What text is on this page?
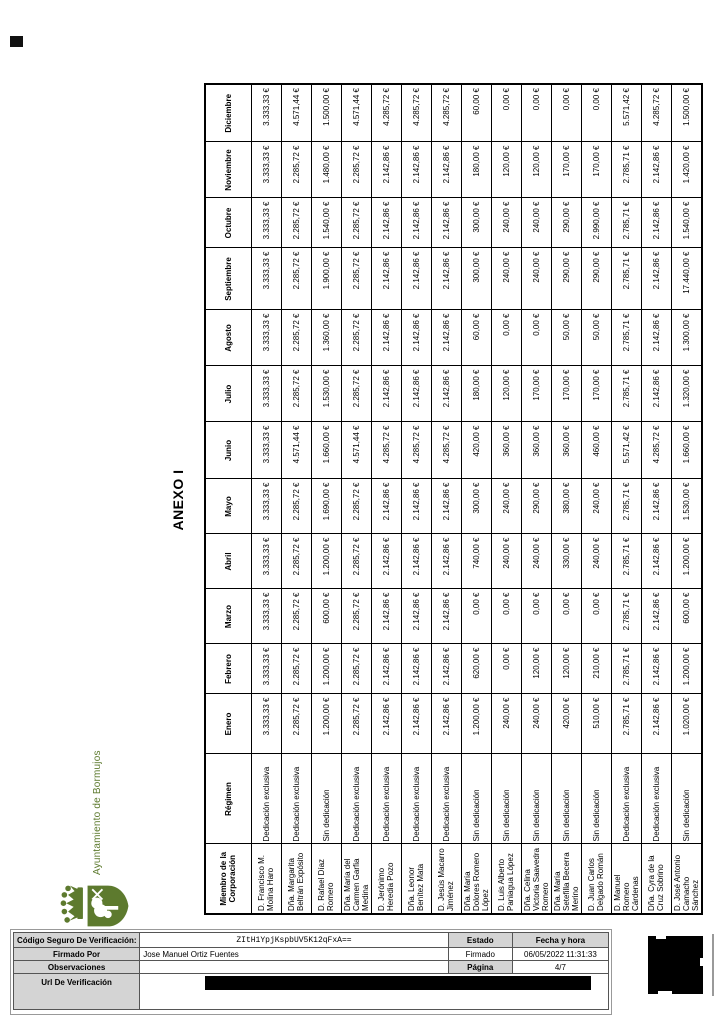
ANEXO I
Miembro de la Corporación	Régimen	Enero	Febrero	Marzo	Abril	Mayo	Junio	Julio	Agosto	Septiembre	Octubre	Noviembre	Diciembre
D. Francisco M. Molina Haro	Dedicación exclusiva	3.333,33 €	3.333,33 €	3.333,33 €	3.333,33 €	3.333,33 €	3.333,33 €	3.333,33 €	3.333,33 €	3.333,33 €	3.333,33 €	3.333,33 €	3.333,33 €
Dña. Margarita Beltrán Expósito	Dedicación exclusiva	2.285,72 €	2.285,72 €	2.285,72 €	2.285,72 €	2.285,72 €	4.571,44 €	2.285,72 €	2.285,72 €	2.285,72 €	2.285,72 €	2.285,72 €	4.571,44 €
D. Rafael Díaz Romero	Sin dedicación	1.200,00 €	1.200,00 €	600,00 €	1.200,00 €	1.690,00 €	1.660,00 €	1.530,00 €	1.360,00 €	1.900,00 €	1.540,00 €	1.480,00 €	1.500,00 €
Dña. María del Carmen Garfia Medina	Dedicación exclusiva	2.285,72 €	2.285,72 €	2.285,72 €	2.285,72 €	2.285,72 €	4.571,44 €	2.285,72 €	2.285,72 €	2.285,72 €	2.285,72 €	2.285,72 €	4.571,44 €
D. Jerónimo Heredia Pozo	Dedicación exclusiva	2.142,86 €	2.142,86 €	2.142,86 €	2.142,86 €	2.142,86 €	4.285,72 €	2.142,86 €	2.142,86 €	2.142,86 €	2.142,86 €	2.142,86 €	4.285,72 €
Dña. Leonor Benítez Mata	Dedicación exclusiva	2.142,86 €	2.142,86 €	2.142,86 €	2.142,86 €	2.142,86 €	4.285,72 €	2.142,86 €	2.142,86 €	2.142,86 €	2.142,86 €	2.142,86 €	4.285,72 €
D. Jesús Macarro Jiménez	Dedicación exclusiva	2.142,86 €	2.142,86 €	2.142,86 €	2.142,86 €	2.142,86 €	4.285,72 €	2.142,86 €	2.142,86 €	2.142,86 €	2.142,86 €	2.142,86 €	4.285,72 €
Dña. María Dolores Romero López	Sin dedicación	1.200,00 €	620,00 €	0,00 €	740,00 €	300,00 €	420,00 €	180,00 €	60,00 €	300,00 €	300,00 €	180,00 €	60,00 €
D. Luis Alberto Paniagua López	Sin dedicación	240,00 €	0,00 €	0,00 €	240,00 €	240,00 €	360,00 €	120,00 €	0,00 €	240,00 €	240,00 €	120,00 €	0,00 €
Dña. Celina Victoria Saavedra Romero	Sin dedicación	240,00 €	120,00 €	0,00 €	240,00 €	290,00 €	360,00 €	170,00 €	0,00 €	240,00 €	240,00 €	120,00 €	0,00 €
Dña. María Setefilla Becerra Merino	Sin dedicación	420,00 €	120,00 €	0,00 €	330,00 €	380,00 €	360,00 €	170,00 €	50,00 €	290,00 €	290,00 €	170,00 €	0,00 €
D. Juan Carlos Delgado Román	Sin dedicación	510,00 €	210,00 €	0,00 €	240,00 €	240,00 €	460,00 €	170,00 €	50,00 €	290,00 €	2.990,00 €	170,00 €	0,00 €
D. Manuel Romero Cárdenas	Dedicación exclusiva	2.785,71 €	2.785,71 €	2.785,71 €	2.785,71 €	2.785,71 €	5.571,42 €	2.785,71 €	2.785,71 €	2.785,71 €	2.785,71 €	2.785,71 €	5.571,42 €
Dña. Cyra de la Cruz Sobrino	Dedicación exclusiva	2.142,86 €	2.142,86 €	2.142,86 €	2.142,86 €	2.142,86 €	4.285,72 €	2.142,86 €	2.142,86 €	2.142,86 €	2.142,86 €	2.142,86 €	4.285,72 €
D. José Antonio Camacho Sánchez	Sin dedicación	1.020,00 €	1.200,00 €	600,00 €	1.200,00 €	1.530,00 €	1.660,00 €	1.320,00 €	1.300,00 €	17.440,00 €	1.540,00 €	1.420,00 €	1.500,00 €
Ayuntamiento de Bormujos
Código Seguro De Verificación:	ZItH1YpjKspbUV5K12qFxA==	Estado	Fecha y hora
Firmado Por	Jose Manuel Ortiz Fuentes	Firmado	06/05/2022 11:31:33
Observaciones		Página	4/7
Url De Verificación			
